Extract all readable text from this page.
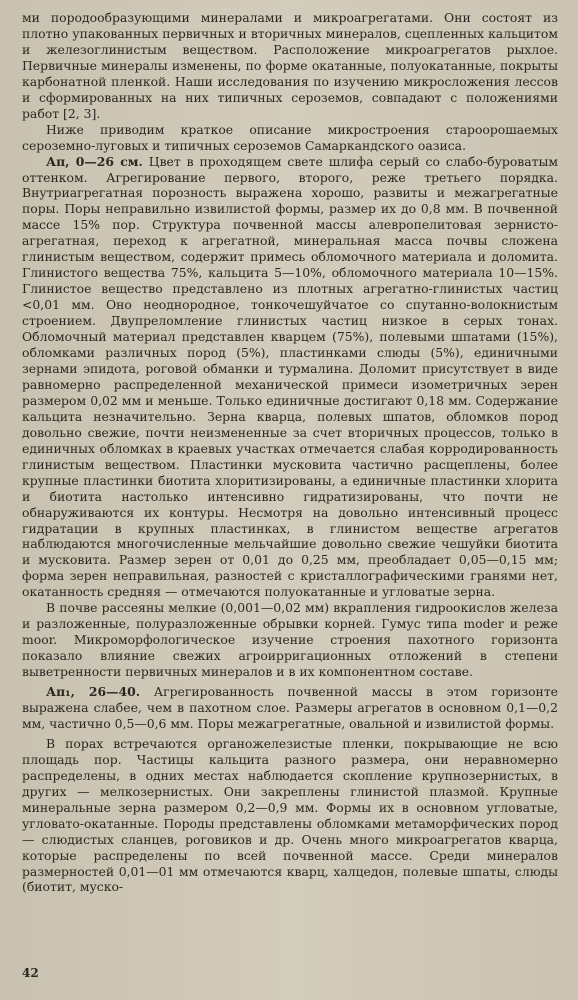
ми породообразующими минералами и микроагрегатами. Они состоят из плотно упакованных первичных и вторичных минералов, сцепленных кальцитом и железоглинистым веществом. Расположение микроагрегатов рыхлое. Первичные минералы изменены, по форме окатанные, полуокатанные, покрыты карбонатной пленкой. Наши исследования по изучению микросложения лессов и сформированных на них типичных сероземов, совпадают с положениями работ [2, 3].

Ниже приводим краткое описание микростроения староорошаемых сероземно-луговых и типичных сероземов Самаркандского оазиса.

Ап, 0—26 см. Цвет в проходящем свете шлифа серый со слабо-буроватым оттенком. Агрегирование первого, второго, реже третьего порядка. Внутриагрегатная порозность выражена хорошо, развиты и межагрегатные поры. Поры неправильно извилистой формы, размер их до 0,8 мм. В почвенной массе 15% пор. Структура почвенной массы алевропелитовая зернисто-агрегатная, переход к агрегатной, минеральная масса почвы сложена глинистым веществом, содержит примесь обломочного материала и доломита. Глинистого вещества 75%, кальцита 5—10%, обломочного материала 10—15%. Глинистое вещество представлено из плотных агрегатно-глинистых частиц <0,01 мм. Оно неоднородное, тонкочешуйчатое со спутанно-волокнистым строением. Двупреломление глинистых частиц низкое в серых тонах. Обломочный материал представлен кварцем (75%), полевыми шпатами (15%), обломками различных пород (5%), пластинками слюды (5%), единичными зернами эпидота, роговой обманки и турмалина. Доломит присутствует в виде равномерно распределенной механической примеси изометричных зерен размером 0,02 мм и меньше. Только единичные достигают 0,18 мм. Содержание кальцита незначительно. Зерна кварца, полевых шпатов, обломков пород довольно свежие, почти неизмененные за счет вторичных процессов, только в единичных обломках в краевых участках отмечается слабая корродированность глинистым веществом. Пластинки мусковита частично расщеплены, более крупные пластинки биотита хлоритизированы, а единичные пластинки хлорита и биотита настолько интенсивно гидратизированы, что почти не обнаруживаются их контуры. Несмотря на довольно интенсивный процесс гидратации в крупных пластинках, в глинистом веществе агрегатов наблюдаются многочисленные мельчайшие довольно свежие чешуйки биотита и мусковита. Размер зерен от 0,01 до 0,25 мм, преобладает 0,05—0,15 мм; форма зерен неправильная, разностей с кристаллографическими гранями нет, окатанность средняя — отмечаются полуокатанные и угловатые зерна.

В почве рассеяны мелкие (0,001—0,02 мм) вкрапления гидроокислов железа и разложенные, полуразложенные обрывки корней. Гумус типа moder и реже moor. Микроморфологическое изучение строения пахотного горизонта показало влияние свежих агроирригационных отложений в степени выветренности первичных минералов и в их компонентном составе.

Ап₁, 26—40. Агрегированность почвенной массы в этом горизонте выражена слабее, чем в пахотном слое. Размеры агрегатов в основном 0,1—0,2 мм, частично 0,5—0,6 мм. Поры межагрегатные, овальной и извилистой формы.

В порах встречаются органожелезистые пленки, покрывающие не всю площадь пор. Частицы кальцита разного размера, они неравномерно распределены, в одних местах наблюдается скопление крупнозернистых, в других — мелкозернистых. Они закреплены глинистой плазмой. Крупные минеральные зерна размером 0,2—0,9 мм. Формы их в основном угловатые, угловато-окатанные. Породы представлены обломками метаморфических пород — слюдистых сланцев, роговиков и др. Очень много микроагрегатов кварца, которые распределены по всей почвенной массе. Среди минералов размерностей 0,01—01 мм отмечаются кварц, халцедон, полевые шпаты, слюды (биотит, муско-

42
